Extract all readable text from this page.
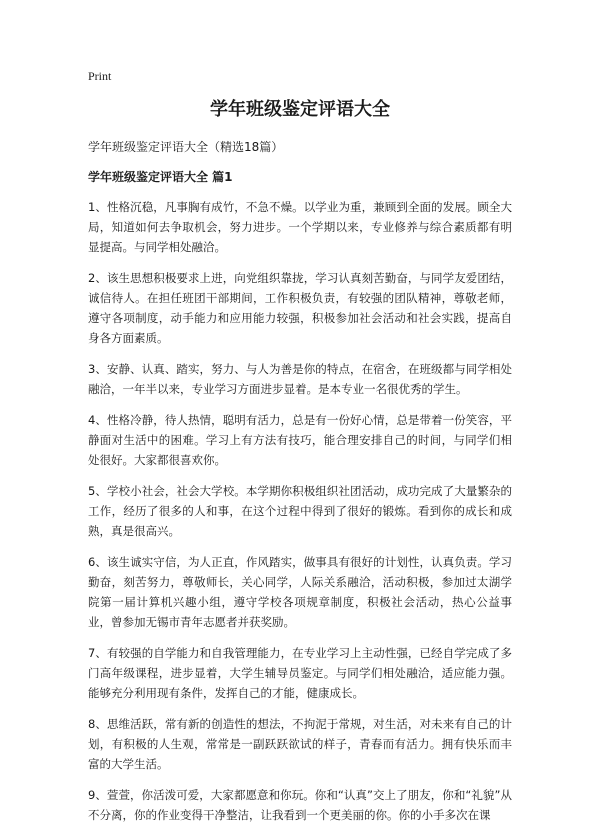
Print
学年班级鉴定评语大全
学年班级鉴定评语大全（精选18篇）
学年班级鉴定评语大全 篇1
1、性格沉稳，凡事胸有成竹，不急不燥。以学业为重，兼顾到全面的发展。顾全大局，知道如何去争取机会，努力进步。一个学期以来，专业修养与综合素质都有明显提高。与同学相处融洽。
2、该生思想积极要求上进，向党组织靠拢，学习认真刻苦勤奋，与同学友爱团结，诚信待人。在担任班团干部期间，工作积极负责，有较强的团队精神，尊敬老师，遵守各项制度，动手能力和应用能力较强，积极参加社会活动和社会实践，提高自身各方面素质。
3、安静、认真、踏实，努力、与人为善是你的特点，在宿舍，在班级都与同学相处融洽，一年半以来，专业学习方面进步显着。是本专业一名很优秀的学生。
4、性格冷静，待人热情，聪明有活力，总是有一份好心情，总是带着一份笑容，平静面对生活中的困难。学习上有方法有技巧，能合理安排自己的时间，与同学们相处很好。大家都很喜欢你。
5、学校小社会，社会大学校。本学期你积极组织社团活动，成功完成了大量繁杂的工作，经历了很多的人和事，在这个过程中得到了很好的锻炼。看到你的成长和成熟，真是很高兴。
6、该生诚实守信，为人正直，作风踏实，做事具有很好的计划性，认真负责。学习勤奋，刻苦努力，尊敬师长，关心同学，人际关系融洽，活动积极，参加过太湖学院第一届计算机兴趣小组，遵守学校各项规章制度，积极社会活动，热心公益事业，曾参加无锡市青年志愿者并获奖励。
7、有较强的自学能力和自我管理能力，在专业学习上主动性强，已经自学完成了多门高年级课程，进步显着，大学生辅导员鉴定。与同学们相处融洽，适应能力强。能够充分利用现有条件，发挥自己的才能，健康成长。
8、思维活跃，常有新的创造性的想法，不拘泥于常规，对生活，对未来有自己的计划，有积极的人生观，常常是一副跃跃欲试的样子，青春而有活力。拥有快乐而丰富的大学生活。
9、萱萱，你活泼可爱，大家都愿意和你玩。你和“认真”交上了朋友，你和“礼貌”从不分离，你的作业变得干净整洁，让我看到一个更美丽的你。你的小手多次在课
